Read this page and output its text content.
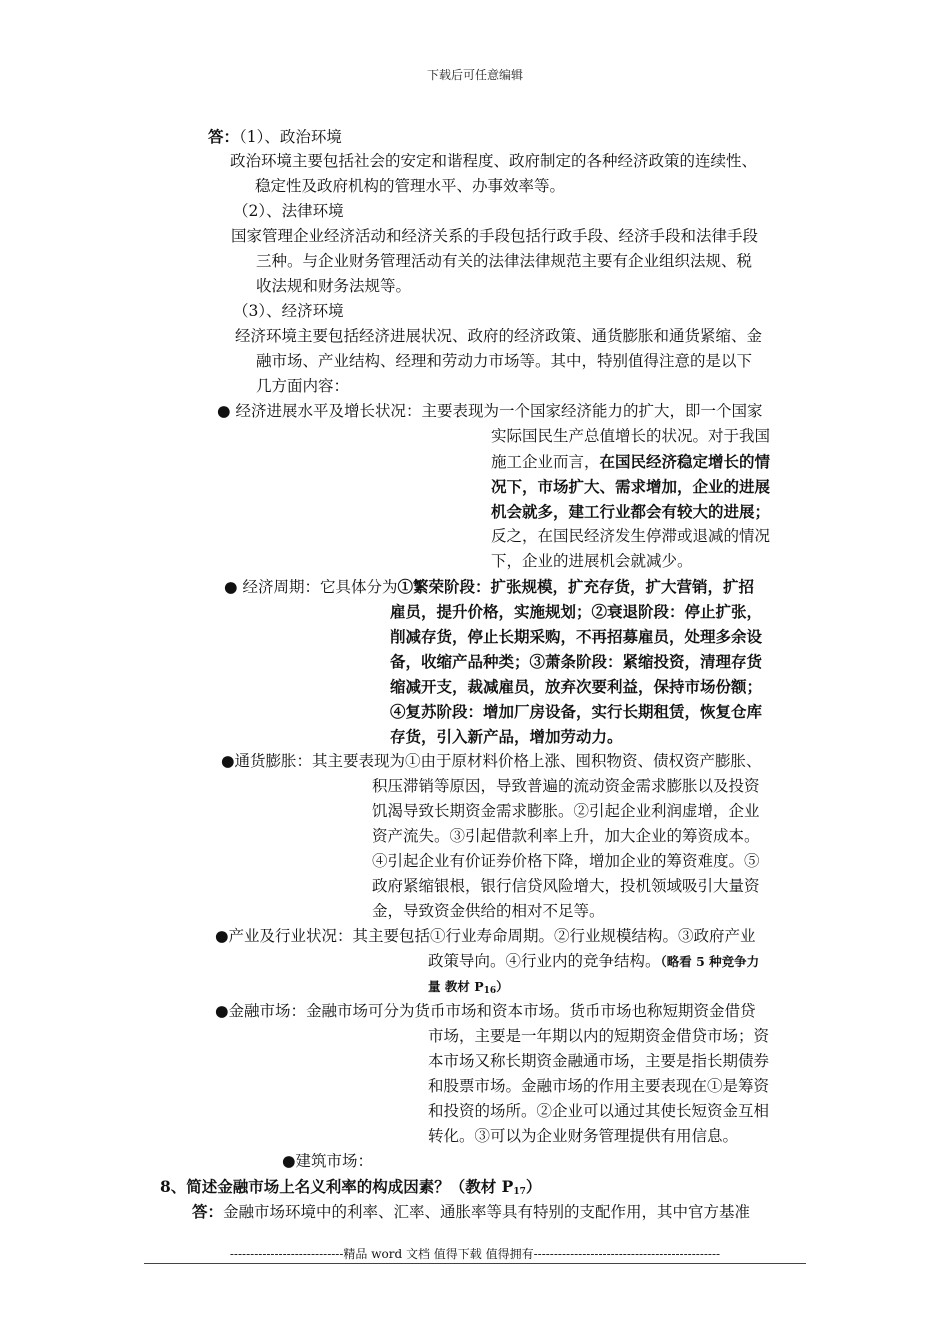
下载后可任意编辑
答：（1）、政治环境
政治环境主要包括社会的安定和谐程度、政府制定的各种经济政策的连续性、
稳定性及政府机构的管理水平、办事效率等。
（2）、法律环境
国家管理企业经济活动和经济关系的手段包括行政手段、经济手段和法律手段
三种。与企业财务管理活动有关的法律法律规范主要有企业组织法规、税
收法规和财务法规等。
（3）、经济环境
经济环境主要包括经济进展状况、政府的经济政策、通货膨胀和通货紧缩、金
融市场、产业结构、经理和劳动力市场等。其中，特别值得注意的是以下
几方面内容：
● 经济进展水平及增长状况：主要表现为一个国家经济能力的扩大，即一个国家
实际国民生产总值增长的状况。对于我国
施工企业而言，在国民经济稳定增长的情
况下，市场扩大、需求增加，企业的进展
机会就多，建工行业都会有较大的进展；
反之，在国民经济发生停滞或退减的情况
下，企业的进展机会就减少。
● 经济周期：它具体分为①繁荣阶段：扩张规模，扩充存货，扩大营销，扩招
雇员，提升价格，实施规划；②衰退阶段：停止扩张，
削减存货，停止长期采购，不再招募雇员，处理多余设
备，收缩产品种类；③萧条阶段：紧缩投资，清理存货
缩减开支，裁减雇员，放弃次要利益，保持市场份额；
④复苏阶段：增加厂房设备，实行长期租赁，恢复仓库
存货，引入新产品，增加劳动力。
●通货膨胀：其主要表现为①由于原材料价格上涨、囤积物资、债权资产膨胀、
积压滞销等原因，导致普遍的流动资金需求膨胀以及投资
饥渴导致长期资金需求膨胀。②引起企业利润虚增，企业
资产流失。③引起借款利率上升，加大企业的筹资成本。
④引起企业有价证券价格下降，增加企业的筹资难度。⑤
政府紧缩银根，银行信贷风险增大，投机领域吸引大量资
金，导致资金供给的相对不足等。
●产业及行业状况：其主要包括①行业寿命周期。②行业规模结构。③政府产业
政策导向。④行业内的竞争结构。（略看 5 种竞争力
量 教材 $P_{16}$）
●金融市场：金融市场可分为货币市场和资本市场。货币市场也称短期资金借贷
市场，主要是一年期以内的短期资金借贷市场；资
本市场又称长期资金融通市场，主要是指长期债券
和股票市场。金融市场的作用主要表现在①是筹资
和投资的场所。②企业可以通过其使长短资金互相
转化。③可以为企业财务管理提供有用信息。
●建筑市场：
8、简述金融市场上名义利率的构成因素？（教材 $P_{17}$）
答：金融市场环境中的利率、汇率、通胀率等具有特别的支配作用，其中官方基准
----------------------------精品 word 文档 值得下载 值得拥有----------------------------------------------
